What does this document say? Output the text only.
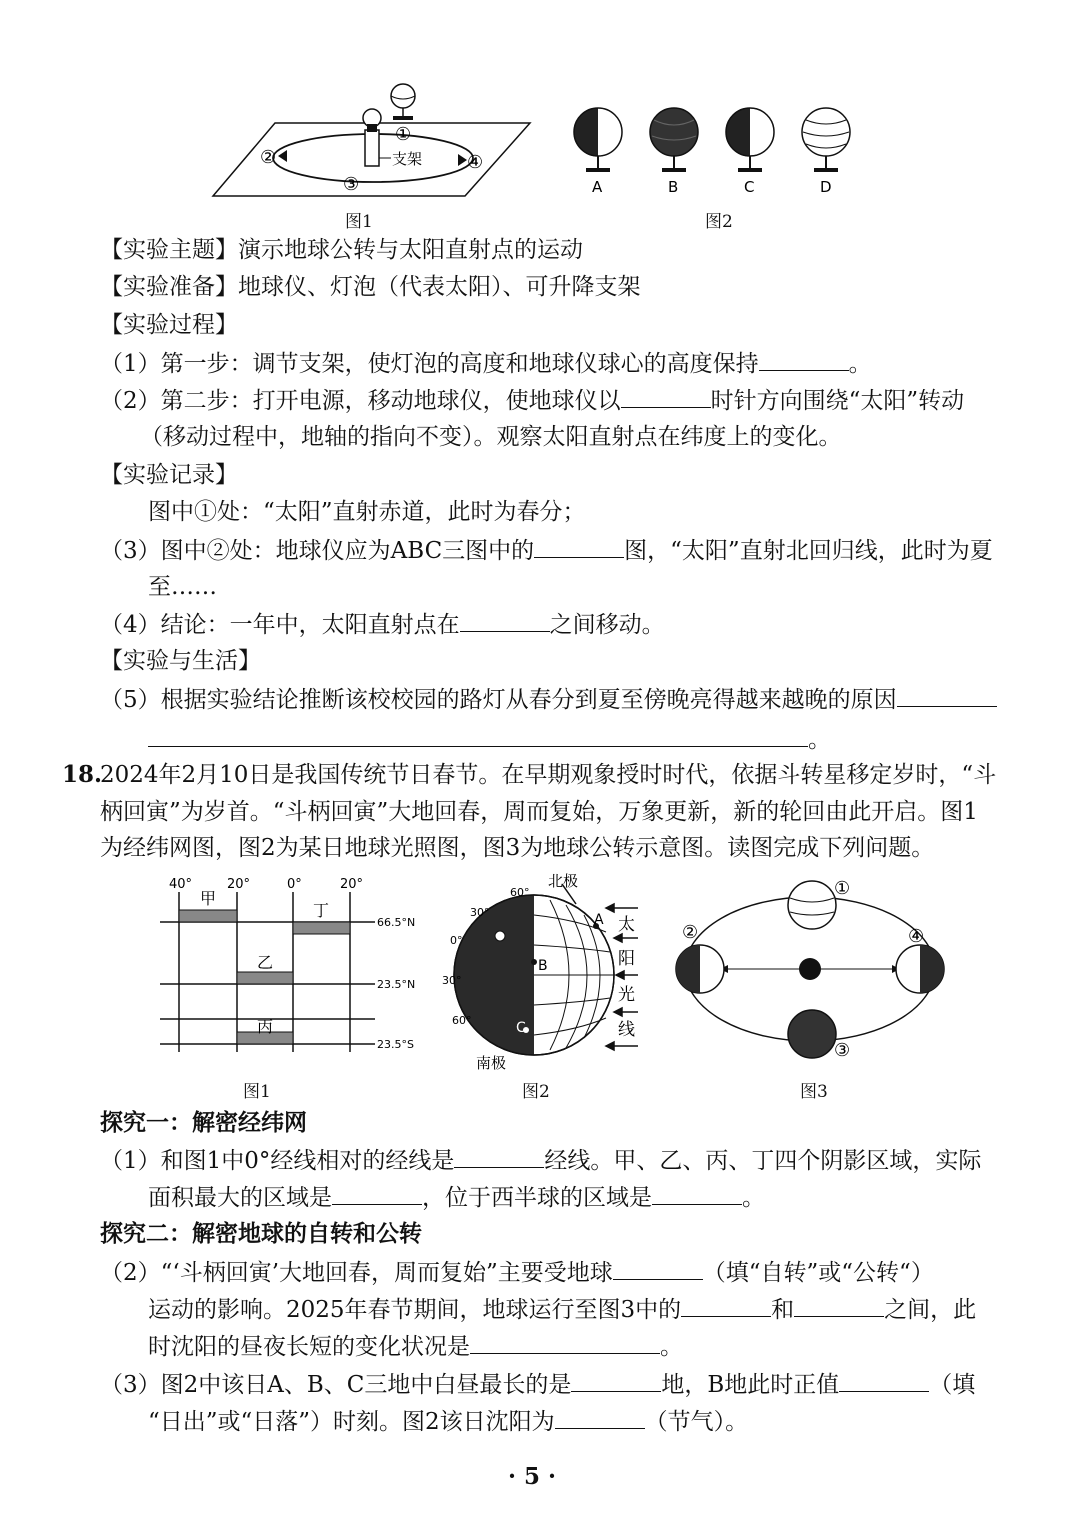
支架
①
②
③
④
图1
A	B	C	D
图2
【实验主题】演示地球公转与太阳直射点的运动
【实验准备】地球仪、灯泡（代表太阳）、可升降支架
【实验过程】
（1）第一步：调节支架，使灯泡的高度和地球仪球心的高度保持	。
（2）第二步：打开电源，移动地球仪，使地球仪以	时针方向围绕“太阳”转动
（移动过程中，地轴的指向不变）。观察太阳直射点在纬度上的变化。
【实验记录】
图中①处：“太阳”直射赤道，此时为春分；
（3）图中②处：地球仪应为ABC三图中的	图，“太阳”直射北回归线，此时为夏
至……
（4）结论：一年中，太阳直射点在	之间移动。
【实验与生活】
（5）根据实验结论推断该校校园的路灯从春分到夏至傍晚亮得越来越晚的原因
。
18.
2024年2月10日是我国传统节日春节。在早期观象授时时代，依据斗转星移定岁时，“斗
柄回寅”为岁首。“斗柄回寅”大地回春，周而复始，万象更新，新的轮回由此开启。图1
为经纬网图，图2为某日地球光照图，图3为地球公转示意图。读图完成下列问题。
40°	20°	0°	20°
66.5°N
23.5°N
23.5°S
甲
乙
丙
丁
图1
北极
南极
60°
30°
0°
30°
60°
A
B
C
太
阳
光
线
图2
①
②
③
④
图3
探究一：解密经纬网
（1）和图1中0°经线相对的经线是	经线。甲、乙、丙、丁四个阴影区域，实际
面积最大的区域是	，位于西半球的区域是	。
探究二：解密地球的自转和公转
（2）“‘斗柄回寅’大地回春，周而复始”主要受地球	（填“自转”或“公转“）
运动的影响。2025年春节期间，地球运行至图3中的	和	之间，此
时沈阳的昼夜长短的变化状况是	。
（3）图2中该日A、B、C三地中白昼最长的是	地，B地此时正值	（填
“日出”或“日落”）时刻。图2该日沈阳为	（节气）。
· 5 ·
